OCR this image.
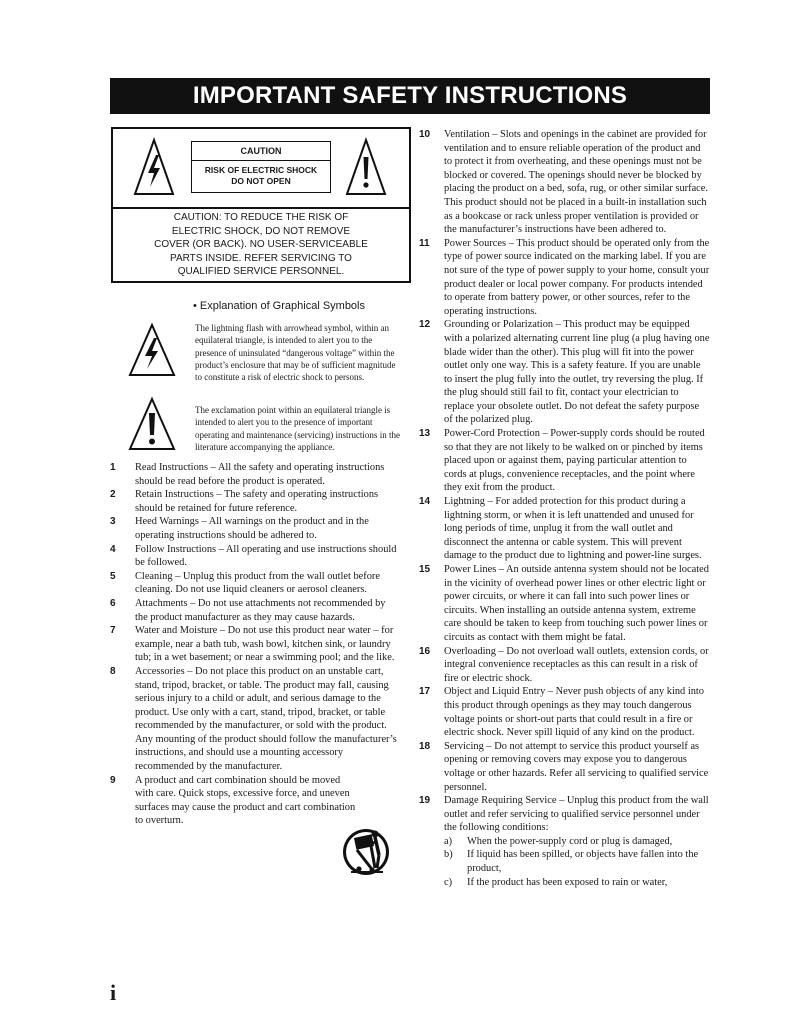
IMPORTANT SAFETY INSTRUCTIONS
CAUTION
RISK OF ELECTRIC SHOCK
DO NOT OPEN
CAUTION: TO REDUCE THE RISK OF
ELECTRIC SHOCK, DO NOT REMOVE
COVER (OR BACK). NO USER-SERVICEABLE
PARTS INSIDE. REFER SERVICING TO
QUALIFIED SERVICE PERSONNEL.
• Explanation of Graphical Symbols
The lightning flash with arrowhead symbol, within an equilateral triangle, is intended to alert you to the presence of uninsulated “dangerous voltage” within the product’s enclosure that may be of sufficient magnitude to constitute a risk of electric shock to persons.
The exclamation point within an equilateral triangle is intended to alert you to the presence of important operating and maintenance (servicing) instructions in the literature accompanying the appliance.
1 Read Instructions – All the safety and operating instructions should be read before the product is operated.
2 Retain Instructions – The safety and operating instructions should be retained for future reference.
3 Heed Warnings – All warnings on the product and in the operating instructions should be adhered to.
4 Follow Instructions – All operating and use instructions should be followed.
5 Cleaning – Unplug this product from the wall outlet before cleaning. Do not use liquid cleaners or aerosol cleaners.
6 Attachments – Do not use attachments not recommended by the product manufacturer as they may cause hazards.
7 Water and Moisture – Do not use this product near water – for example, near a bath tub, wash bowl, kitchen sink, or laundry tub; in a wet basement; or near a swimming pool; and the like.
8 Accessories – Do not place this product on an unstable cart, stand, tripod, bracket, or table. The product may fall, causing serious injury to a child or adult, and serious damage to the product. Use only with a cart, stand, tripod, bracket, or table recommended by the manufacturer, or sold with the product. Any mounting of the product should follow the manufacturer’s instructions, and should use a mounting accessory recommended by the manufacturer.
9 A product and cart combination should be moved with care. Quick stops, excessive force, and uneven surfaces may cause the product and cart combination to overturn.
10 Ventilation – Slots and openings in the cabinet are provided for ventilation and to ensure reliable operation of the product and to protect it from overheating, and these openings must not be blocked or covered. The openings should never be blocked by placing the product on a bed, sofa, rug, or other similar surface. This product should not be placed in a built-in installation such as a bookcase or rack unless proper ventilation is provided or the manufacturer’s instructions have been adhered to.
11 Power Sources – This product should be operated only from the type of power source indicated on the marking label. If you are not sure of the type of power supply to your home, consult your product dealer or local power company. For products intended to operate from battery power, or other sources, refer to the operating instructions.
12 Grounding or Polarization – This product may be equipped with a polarized alternating current line plug (a plug having one blade wider than the other). This plug will fit into the power outlet only one way. This is a safety feature. If you are unable to insert the plug fully into the outlet, try reversing the plug. If the plug should still fail to fit, contact your electrician to replace your obsolete outlet. Do not defeat the safety purpose of the polarized plug.
13 Power-Cord Protection – Power-supply cords should be routed so that they are not likely to be walked on or pinched by items placed upon or against them, paying particular attention to cords at plugs, convenience receptacles, and the point where they exit from the product.
14 Lightning – For added protection for this product during a lightning storm, or when it is left unattended and unused for long periods of time, unplug it from the wall outlet and disconnect the antenna or cable system. This will prevent damage to the product due to lightning and power-line surges.
15 Power Lines – An outside antenna system should not be located in the vicinity of overhead power lines or other electric light or power circuits, or where it can fall into such power lines or circuits. When installing an outside antenna system, extreme care should be taken to keep from touching such power lines or circuits as contact with them might be fatal.
16 Overloading – Do not overload wall outlets, extension cords, or integral convenience receptacles as this can result in a risk of fire or electric shock.
17 Object and Liquid Entry – Never push objects of any kind into this product through openings as they may touch dangerous voltage points or short-out parts that could result in a fire or electric shock. Never spill liquid of any kind on the product.
18 Servicing – Do not attempt to service this product yourself as opening or removing covers may expose you to dangerous voltage or other hazards. Refer all servicing to qualified service personnel.
19 Damage Requiring Service – Unplug this product from the wall outlet and refer servicing to qualified service personnel under the following conditions:
a) When the power-supply cord or plug is damaged,
b) If liquid has been spilled, or objects have fallen into the product,
c) If the product has been exposed to rain or water,
i
